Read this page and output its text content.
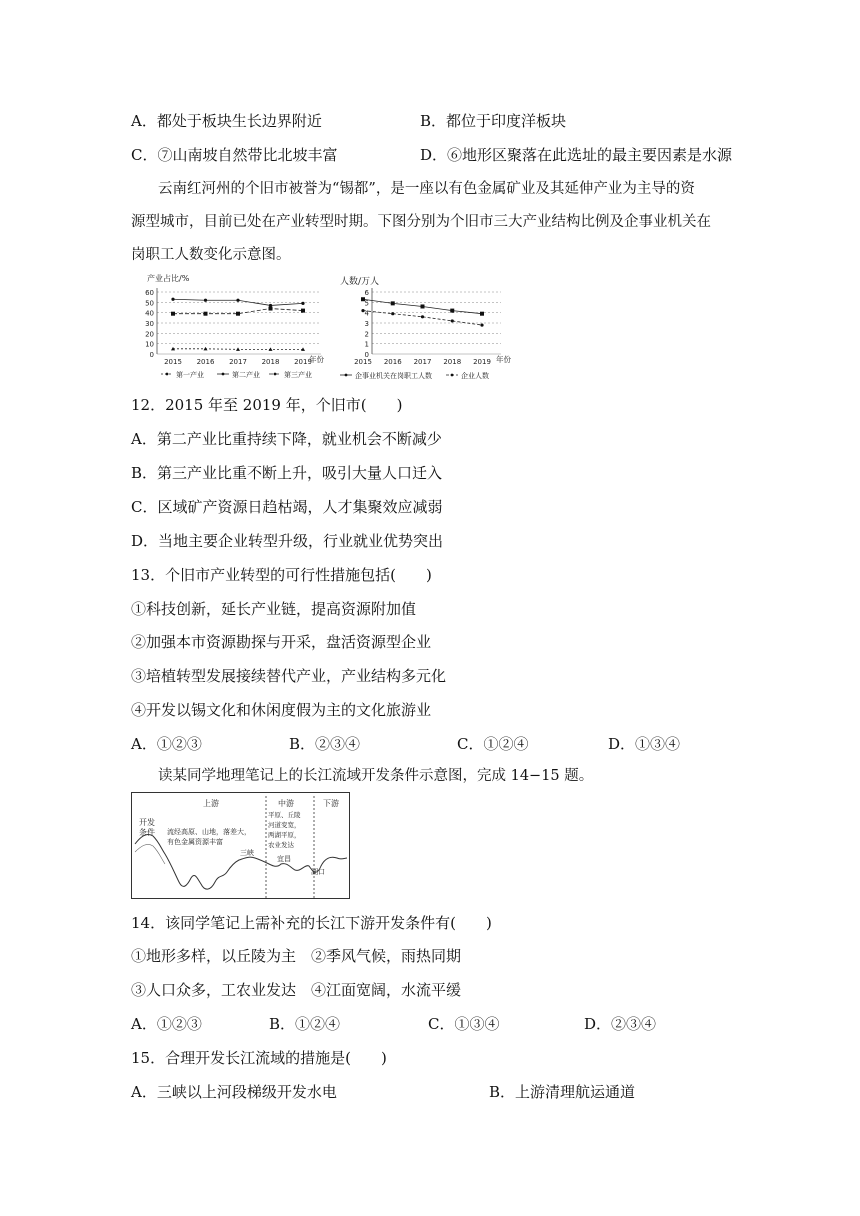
A．都处于板块生长边界附近	B．都位于印度洋板块
C．⑦山南坡自然带比北坡丰富	D．⑥地形区聚落在此选址的最主要因素是水源
云南红河州的个旧市被誉为“锡都”，是一座以有色金属矿业及其延伸产业为主导的资
源型城市，目前已处在产业转型时期。下图分别为个旧市三大产业结构比例及企事业机关在
岗职工人数变化示意图。
产业占比/%
0
10
20
30
40
50
60
2015 2016 2017 2018 2019
年份
第一产业	第二产业	第三产业
人数/万人
0
1
2
3
4
5
6
2015 2016 2017 2018 2019 年份
企事业机关在岗职工人数	企业人数
12．2015 年至 2019 年，个旧市(　　)
A．第二产业比重持续下降，就业机会不断减少
B．第三产业比重不断上升，吸引大量人口迁入
C．区域矿产资源日趋枯竭，人才集聚效应减弱
D．当地主要企业转型升级，行业就业优势突出
13．个旧市产业转型的可行性措施包括(　　)
①科技创新，延长产业链，提高资源附加值
②加强本市资源勘探与开采，盘活资源型企业
③培植转型发展接续替代产业，产业结构多元化
④开发以锡文化和休闲度假为主的文化旅游业
A．①②③	B．②③④	C．①②④	D．①③④
读某同学地理笔记上的长江流域开发条件示意图，完成 14−15 题。
上游	中游	下游
开发
条件 流经高原、山地，落差大，
有色金属资源丰富
平原、丘陵
河道变宽，
两湖平原，
农业发达
三峡
宜昌
湖口
14．该同学笔记上需补充的长江下游开发条件有(　　)
①地形多样，以丘陵为主　②季风气候，雨热同期
③人口众多，工农业发达　④江面宽阔，水流平缓
A．①②③	B．①②④	C．①③④	D．②③④
15．合理开发长江流域的措施是(　　)
A．三峡以上河段梯级开发水电	B．上游清理航运通道
